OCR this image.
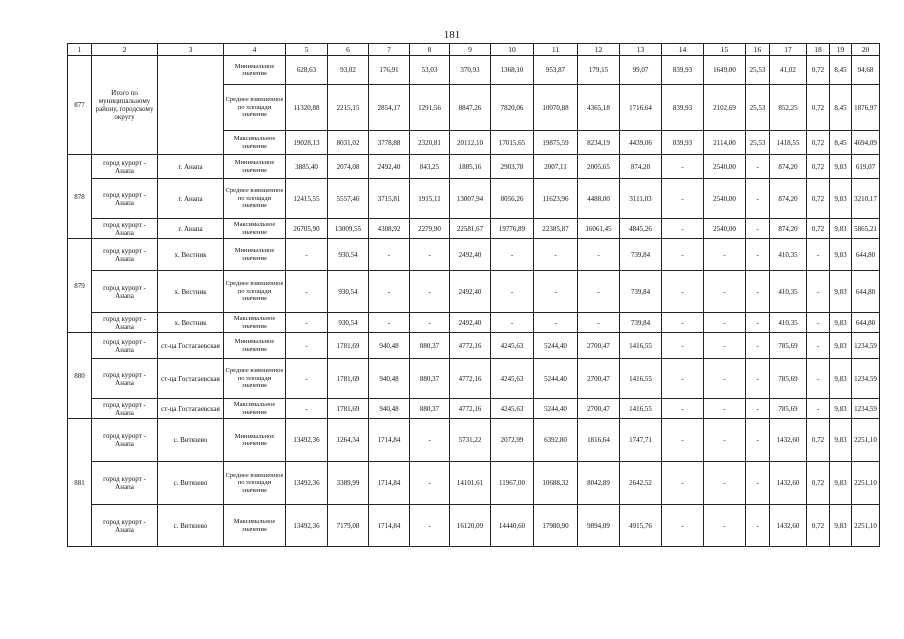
181
1	2	3	4	5	6	7	8	9	10	11	12	13	14	15	16	17	18	19	20
877	Итого по муниципальному району, городскому округу		Минимальное значение	628,63	93,02	176,91	53,03	370,93	1368,10	953,87	179,15	99,07	839,93	1649,00	25,53	41,02	0,72	8,45	94,68
			Среднее взвешенное по площади значение	11320,88	2215,15	2854,17	1291,56	8847,26	7820,06	10070,88	4365,18	1716,64	839,93	2102,69	25,53	852,25	0,72	8,45	1876,97
			Максимальное значение	19028,13	8031,02	3778,88	2320,81	20112,10	17015,65	19875,59	8234,19	4439,06	839,93	2114,00	25,53	1418,55	0,72	8,45	4694,09
878	город курорт - Анапа	г. Анапа	Минимальное значение	3885,40	2074,08	2492,40	843,25	1885,16	2903,78	2007,11	2005,65	874,20	-	2540,00	-	874,20	0,72	9,83	619,07
	город курорт - Анапа	г. Анапа	Среднее взвешенное по площади значение	12415,55	5557,46	3715,81	1915,11	13007,94	8056,26	11623,96	4488,00	3111,03	-	2540,00	-	874,20	0,72	9,83	3210,17
	город курорт - Анапа	г. Анапа	Максимальное значение	26705,90	13009,55	4308,92	2279,90	22581,67	19776,89	22385,87	16061,45	4845,26	-	2540,00	-	874,20	0,72	9,83	5865,21
879	город курорт - Анапа	х. Вестник	Минимальное значение	-	930,54	-	-	2492,40	-	-	-	739,84	-	-	-	410,35	-	9,83	644,80
	город курорт - Анапа	х. Вестник	Среднее взвешенное по площади значение	-	930,54	-	-	2492,40	-	-	-	739,84	-	-	-	410,35	-	9,83	644,80
	город курорт - Анапа	х. Вестник	Максимальное значение	-	930,54	-	-	2492,40	-	-	-	739,84	-	-	-	410,35	-	9,83	644,80
880	город курорт - Анапа	ст-ца Гостагаевская	Минимальное значение	-	1781,69	940,48	880,37	4772,16	4245,63	5244,40	2700,47	1416,55	-	-	-	785,69	-	9,83	1234,59
	город курорт - Анапа	ст-ца Гостагаевская	Среднее взвешенное по площади значение	-	1781,69	940,48	880,37	4772,16	4245,63	5244,40	2700,47	1416,55	-	-	-	785,69	-	9,83	1234,59
	город курорт - Анапа	ст-ца Гостагаевская	Максимальное значение	-	1781,69	940,48	880,37	4772,16	4245,63	5244,40	2700,47	1416,55	-	-	-	785,69	-	9,83	1234,59
881	город курорт - Анапа	с. Витязево	Минимальное значение	13492,36	1264,34	1714,84	-	5731,22	2072,99	6392,80	1816,64	1747,71	-	-	-	1432,60	0,72	9,83	2251,10
	город курорт - Анапа	с. Витязево	Среднее взвешенное по площади значение	13492,36	3389,99	1714,84	-	14101,61	11967,00	10688,32	8042,89	2642,52	-	-	-	1432,60	0,72	9,83	2251,10
	город курорт - Анапа	с. Витязево	Максимальное значение	13492,36	7179,08	1714,84	-	16120,09	14440,60	17980,90	9894,09	4915,76	-	-	-	1432,60	0,72	9,83	2251,10
